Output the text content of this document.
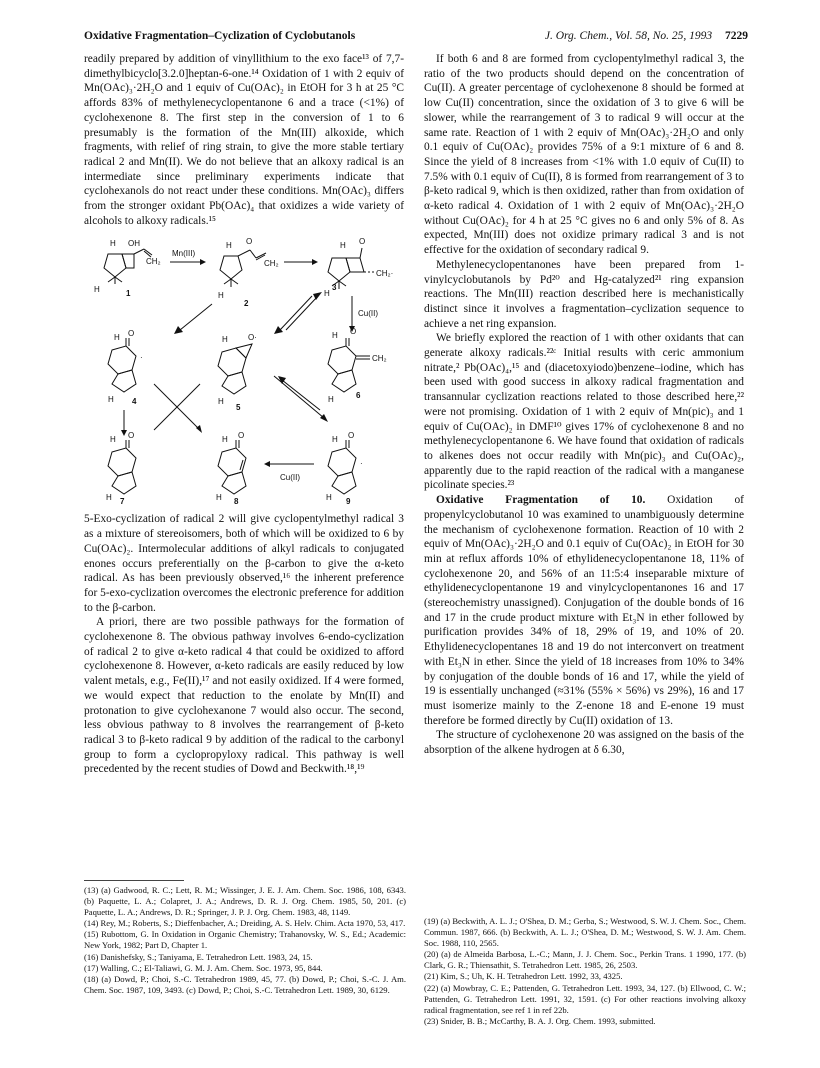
Oxidative Fragmentation–Cyclization of Cyclobutanols	J. Org. Chem., Vol. 58, No. 25, 1993 7229

readily prepared by addition of vinyllithium to the exo face¹³ of 7,7-dimethylbicyclo[3.2.0]heptan-6-one.¹⁴ Oxidation of 1 with 2 equiv of Mn(OAc)₃·2H₂O and 1 equiv of Cu(OAc)₂ in EtOH for 3 h at 25 °C affords 83% of methylenecyclopentanone 6 and a trace (<1%) of cyclohexenone 8. The first step in the conversion of 1 to 6 presumably is the formation of the Mn(III) alkoxide, which fragments, with relief of ring strain, to give the more stable tertiary radical 2 and Mn(II). We do not believe that an alkoxy radical is an intermediate since preliminary experiments indicate that cyclohexanols do not react under these conditions. Mn(OAc)₃ differs from the stronger oxidant Pb(OAc)₄ that oxidizes a wide variety of alcohols to alkoxy radicals.¹⁵

H OH
CH₂
H	1
Mn(III)
H O
CH₂
H
2
H O
CH₂·
H
3
Cu(II)
·
H O
H 4
H	O·
H
5
H O
CH₂
H	6
H O
H 7
H O
H 8
Cu(II)
·
H O
H 9

5-Exo-cyclization of radical 2 will give cyclopentylmethyl radical 3 as a mixture of stereoisomers, both of which will be oxidized to 6 by Cu(OAc)₂. Intermolecular additions of alkyl radicals to conjugated enones occurs preferentially on the β-carbon to give the α-keto radical. As has been previously observed,¹⁶ the inherent preference for 5-exo-cyclization overcomes the electronic preference for addition to the β-carbon.

A priori, there are two possible pathways for the formation of cyclohexenone 8. The obvious pathway involves 6-endo-cyclization of radical 2 to give α-keto radical 4 that could be oxidized to afford cyclohexenone 8. However, α-keto radicals are easily reduced by low valent metals, e.g., Fe(II),¹⁷ and not easily oxidized. If 4 were formed, we would expect that reduction to the enolate by Mn(II) and protonation to give cyclohexanone 7 would also occur. The second, less obvious pathway to 8 involves the rearrangement of β-keto radical 3 to β-keto radical 9 by addition of the radical to the carbonyl group to form a cyclopropyloxy radical. This pathway is well precedented by the recent studies of Dowd and Beckwith.¹⁸,¹⁹

If both 6 and 8 are formed from cyclopentylmethyl radical 3, the ratio of the two products should depend on the concentration of Cu(II). A greater percentage of cyclohexenone 8 should be formed at low Cu(II) concentration, since the oxidation of 3 to give 6 will be slower, while the rearrangement of 3 to radical 9 will occur at the same rate. Reaction of 1 with 2 equiv of Mn(OAc)₃·2H₂O and only 0.1 equiv of Cu(OAc)₂ provides 75% of a 9:1 mixture of 6 and 8. Since the yield of 8 increases from <1% with 1.0 equiv of Cu(II) to 7.5% with 0.1 equiv of Cu(II), 8 is formed from rearrangement of 3 to β-keto radical 9, which is then oxidized, rather than from oxidation of α-keto radical 4. Oxidation of 1 with 2 equiv of Mn(OAc)₃·2H₂O without Cu(OAc)₂ for 4 h at 25 °C gives no 6 and only 5% of 8. As expected, Mn(III) does not oxidize primary radical 3 and is not effective for the oxidation of secondary radical 9.

Methylenecyclopentanones have been prepared from 1-vinylcyclobutanols by Pd²⁰ and Hg-catalyzed²¹ ring expansion reactions. The Mn(III) reaction described here is mechanistically distinct since it involves a fragmentation–cyclization sequence to achieve a net ring expansion.

We briefly explored the reaction of 1 with other oxidants that can generate alkoxy radicals.²²ᶜ Initial results with ceric ammonium nitrate,² Pb(OAc)₄,¹⁵ and (diacetoxyiodo)benzene–iodine, which has been used with good success in alkoxy radical fragmentation and transannular cyclization reactions related to those described here,²² were not promising. Oxidation of 1 with 2 equiv of Mn(pic)₃ and 1 equiv of Cu(OAc)₂ in DMF¹⁰ gives 17% of cyclohexenone 8 and no methylenecyclopentanone 6. We have found that oxidation of radicals to alkenes does not occur readily with Mn(pic)₃ and Cu(OAc)₂, apparently due to the rapid reaction of the radical with a manganese picolinate species.²³

Oxidative Fragmentation of 10. Oxidation of propenylcyclobutanol 10 was examined to unambiguously determine the mechanism of cyclohexenone formation. Reaction of 10 with 2 equiv of Mn(OAc)₃·2H₂O and 0.1 equiv of Cu(OAc)₂ in EtOH for 30 min at reflux affords 10% of ethylidenecyclopentanone 18, 11% of cyclohexenone 20, and 56% of an 11:5:4 inseparable mixture of ethylidenecyclopentanone 19 and vinylcyclopentanones 16 and 17 (stereochemistry unassigned). Conjugation of the double bonds of 16 and 17 in the crude product mixture with Et₃N in ether followed by purification provides 34% of 18, 29% of 19, and 10% of 20. Ethylidenecyclopentanes 18 and 19 do not interconvert on treatment with Et₃N in ether. Since the yield of 18 increases from 10% to 34% by conjugation of the double bonds of 16 and 17, while the yield of 19 is essentially unchanged (≈31% (55% × 56%) vs 29%), 16 and 17 must isomerize mainly to the Z-enone 18 and E-enone 19 must therefore be formed directly by Cu(II) oxidation of 13.

The structure of cyclohexenone 20 was assigned on the basis of the absorption of the alkene hydrogen at δ 6.30,

(13) (a) Gadwood, R. C.; Lett, R. M.; Wissinger, J. E. J. Am. Chem. Soc. 1986, 108, 6343. (b) Paquette, L. A.; Colapret, J. A.; Andrews, D. R. J. Org. Chem. 1985, 50, 201. (c) Paquette, L. A.; Andrews, D. R.; Springer, J. P. J. Org. Chem. 1983, 48, 1149.

(14) Rey, M.; Roberts, S.; Dieffenbacher, A.; Dreiding, A. S. Helv. Chim. Acta 1970, 53, 417.

(15) Rubottom, G. In Oxidation in Organic Chemistry; Trahanovsky, W. S., Ed.; Academic: New York, 1982; Part D, Chapter 1.

(16) Danishefsky, S.; Taniyama, E. Tetrahedron Lett. 1983, 24, 15.

(17) Walling, C.; El-Taliawi, G. M. J. Am. Chem. Soc. 1973, 95, 844.

(18) (a) Dowd, P.; Choi, S.-C. Tetrahedron 1989, 45, 77. (b) Dowd, P.; Choi, S.-C. J. Am. Chem. Soc. 1987, 109, 3493. (c) Dowd, P.; Choi, S.-C. Tetrahedron Lett. 1989, 30, 6129.

(19) (a) Beckwith, A. L. J.; O'Shea, D. M.; Gerba, S.; Westwood, S. W. J. Chem. Soc., Chem. Commun. 1987, 666. (b) Beckwith, A. L. J.; O'Shea, D. M.; Westwood, S. W. J. Am. Chem. Soc. 1988, 110, 2565.

(20) (a) de Almeida Barbosa, L.-C.; Mann, J. J. Chem. Soc., Perkin Trans. 1 1990, 177. (b) Clark, G. R.; Thiensathit, S. Tetrahedron Lett. 1985, 26, 2503.

(21) Kim, S.; Uh, K. H. Tetrahedron Lett. 1992, 33, 4325.

(22) (a) Mowbray, C. E.; Pattenden, G. Tetrahedron Lett. 1993, 34, 127. (b) Ellwood, C. W.; Pattenden, G. Tetrahedron Lett. 1991, 32, 1591. (c) For other reactions involving alkoxy radical fragmentation, see ref 1 in ref 22b.

(23) Snider, B. B.; McCarthy, B. A. J. Org. Chem. 1993, submitted.
